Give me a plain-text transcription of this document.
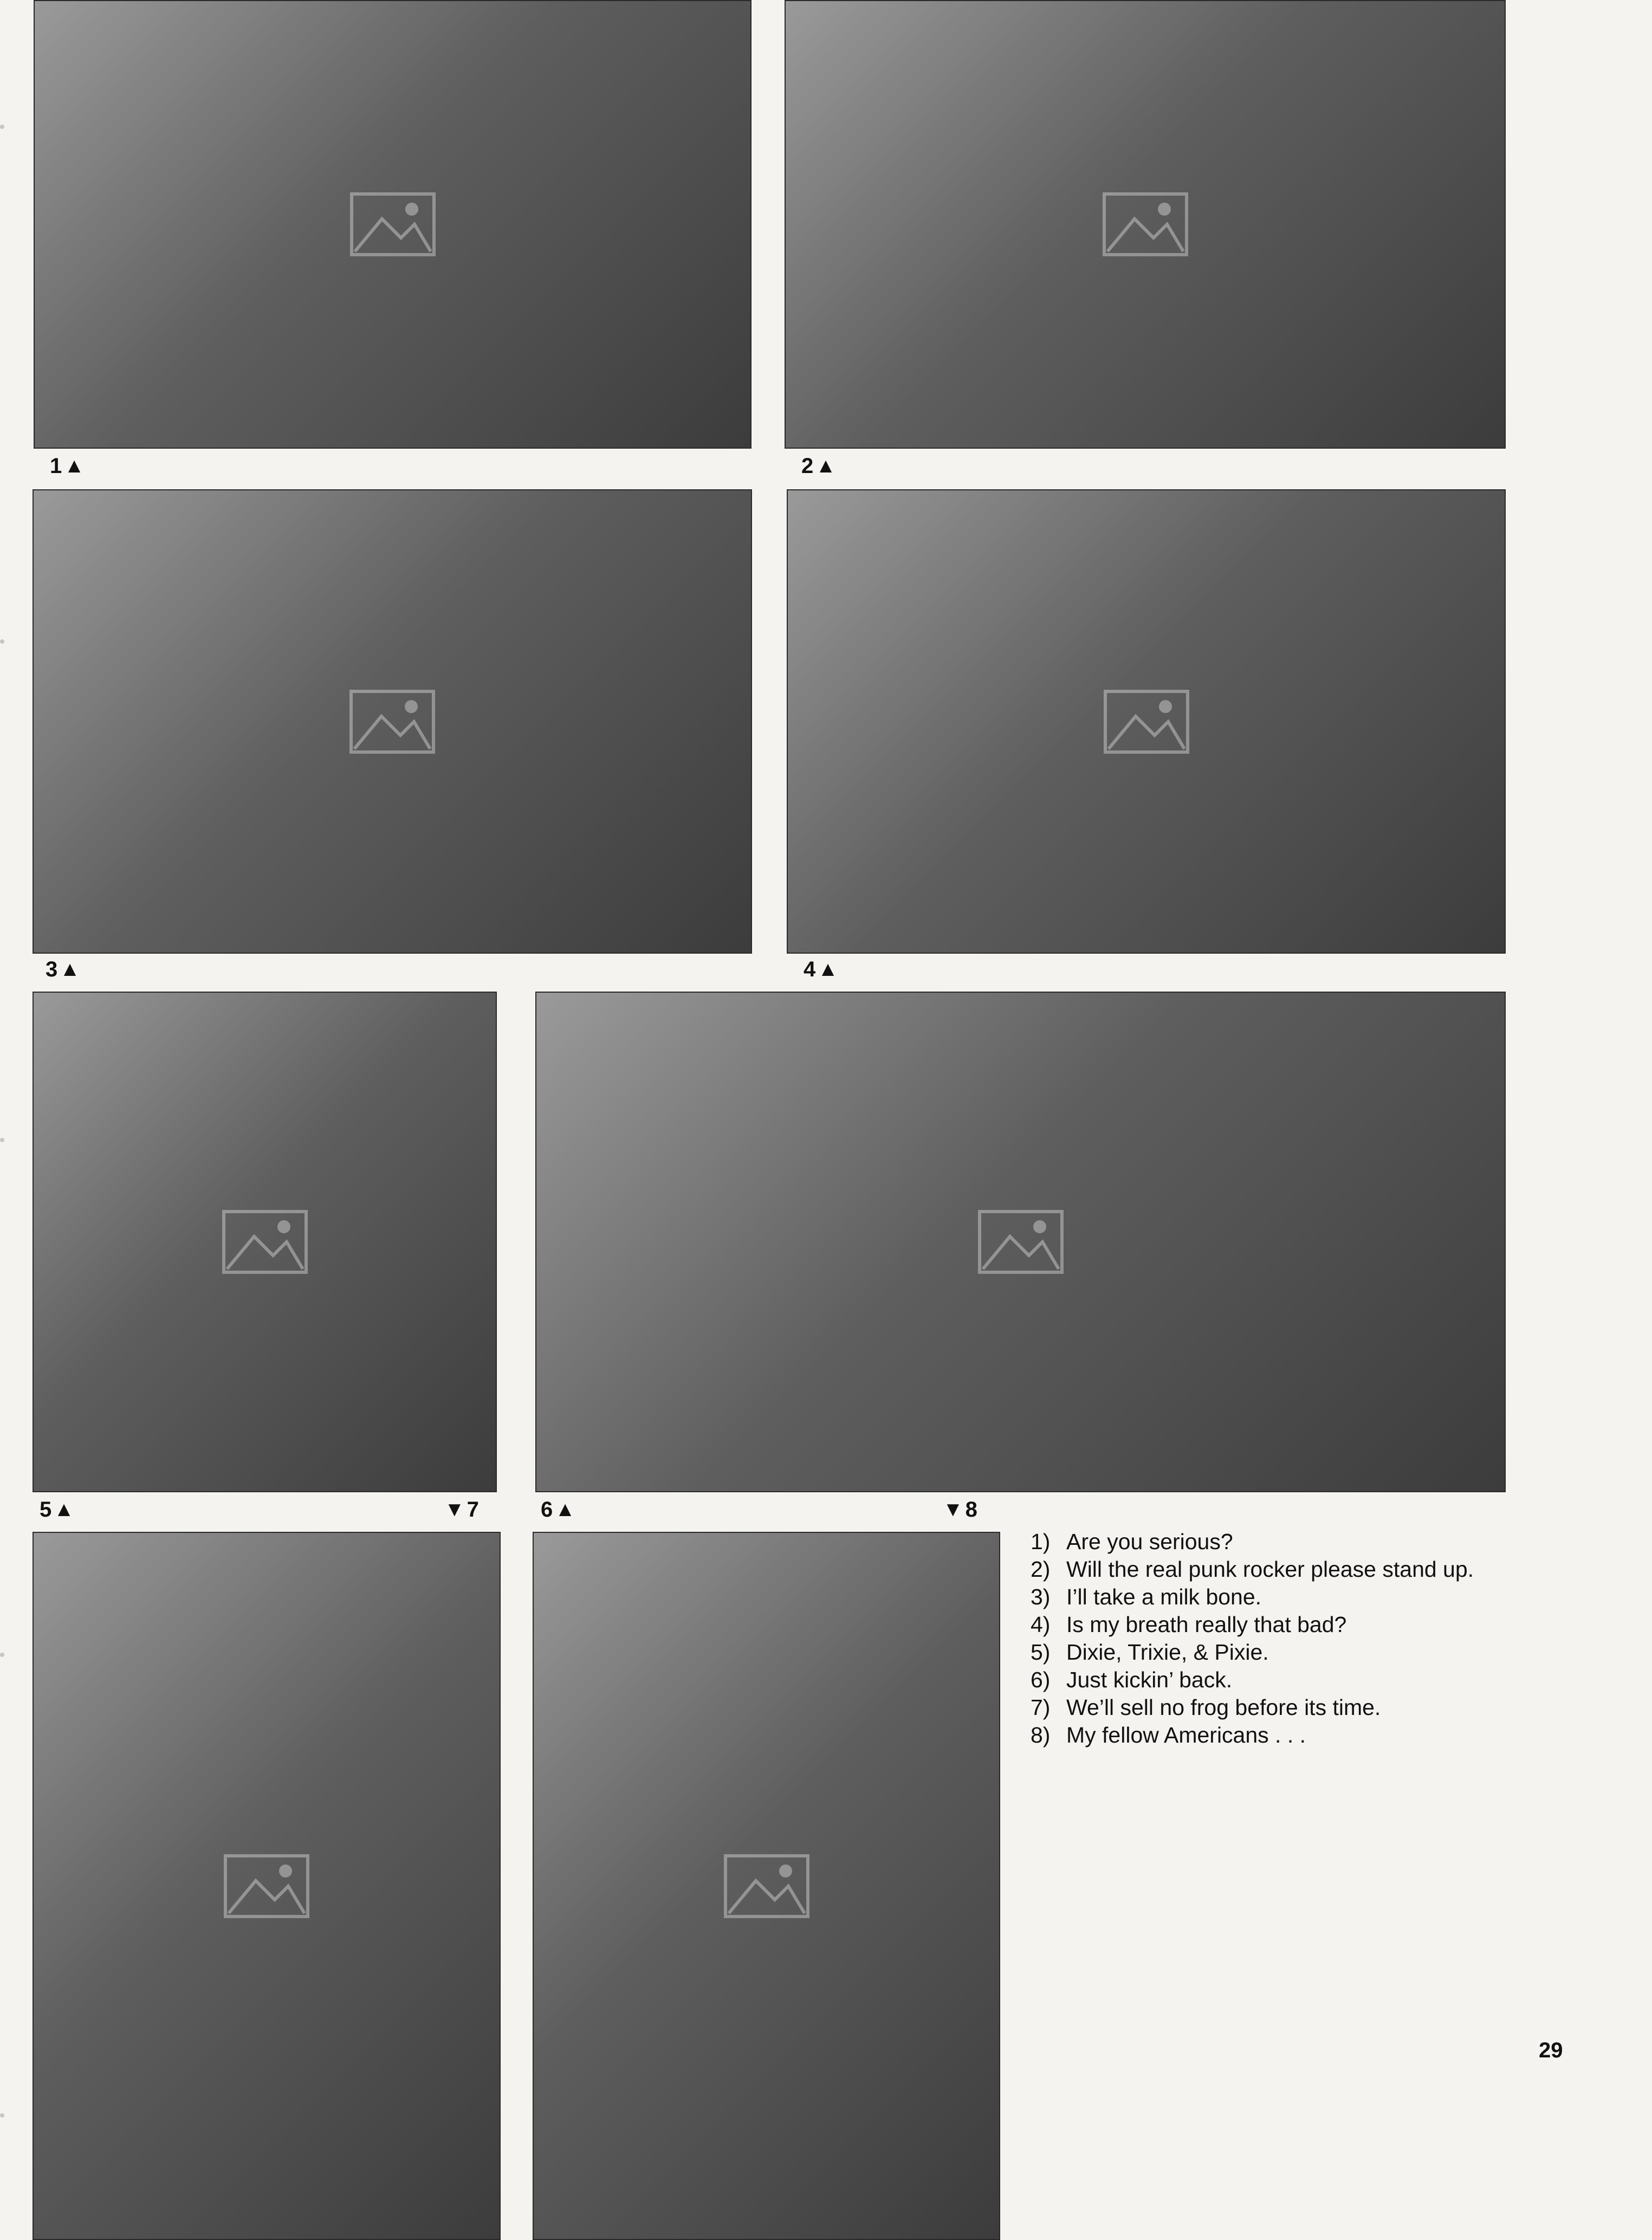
1 ▲	2 ▲
3 ▲	4 ▲
5 ▲	▼ 7	6 ▲	▼ 8
1) Are you serious?
2) Will the real punk rocker please stand up.
3) I’ll take a milk bone.
4) Is my breath really that bad?
5) Dixie, Trixie, & Pixie.
6) Just kickin’ back.
7) We’ll sell no frog before its time.
8) My fellow Americans . . .
29
